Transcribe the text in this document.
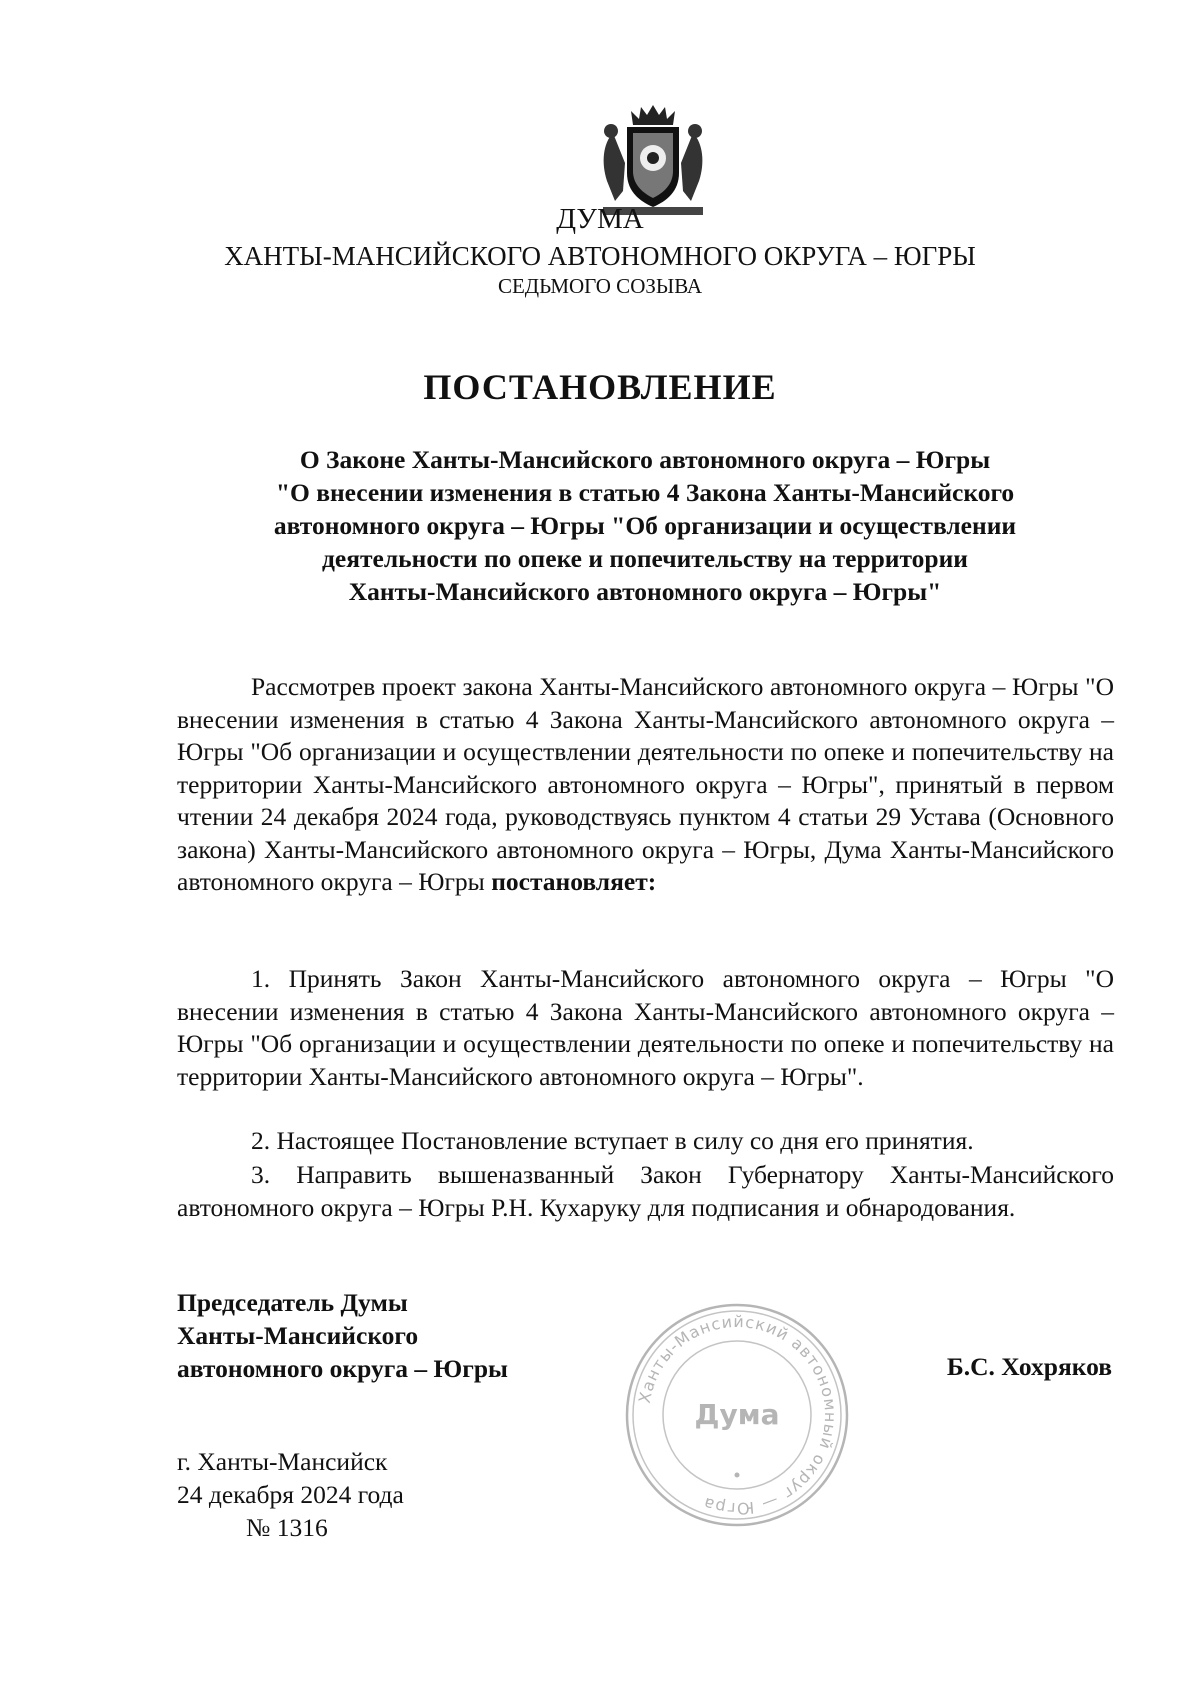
ДУМА
ХАНТЫ-МАНСИЙСКОГО АВТОНОМНОГО ОКРУГА – ЮГРЫ
СЕДЬМОГО СОЗЫВА
ПОСТАНОВЛЕНИЕ
О Законе Ханты-Мансийского автономного округа – Югры
"О внесении изменения в статью 4 Закона Ханты-Мансийского
автономного округа – Югры "Об организации и осуществлении
деятельности по опеке и попечительству на территории
Ханты-Мансийского автономного округа – Югры"
Рассмотрев проект закона Ханты-Мансийского автономного округа – Югры "О внесении изменения в статью 4 Закона Ханты-Мансийского автономного округа – Югры "Об организации и осуществлении деятельности по опеке и попечительству на территории Ханты-Мансийского автономного округа – Югры", принятый в первом чтении 24 декабря 2024 года, руководствуясь пунктом 4 статьи 29 Устава (Основного закона) Ханты-Мансийского автономного округа – Югры, Дума Ханты-Мансийского автономного округа – Югры постановляет:
1. Принять Закон Ханты-Мансийского автономного округа – Югры "О внесении изменения в статью 4 Закона Ханты-Мансийского автономного округа – Югры "Об организации и осуществлении деятельности по опеке и попечительству на территории Ханты-Мансийского автономного округа – Югры".
2. Настоящее Постановление вступает в силу со дня его принятия.
3. Направить вышеназванный Закон Губернатору Ханты-Мансийского автономного округа – Югры Р.Н. Кухаруку для подписания и обнародования.
Председатель Думы
Ханты-Мансийского
автономного округа – Югры
Ханты-Мансийский автономный округ — Югра
Дума
Б.С. Хохряков
г. Ханты-Мансийск
24 декабря 2024 года
№ 1316
